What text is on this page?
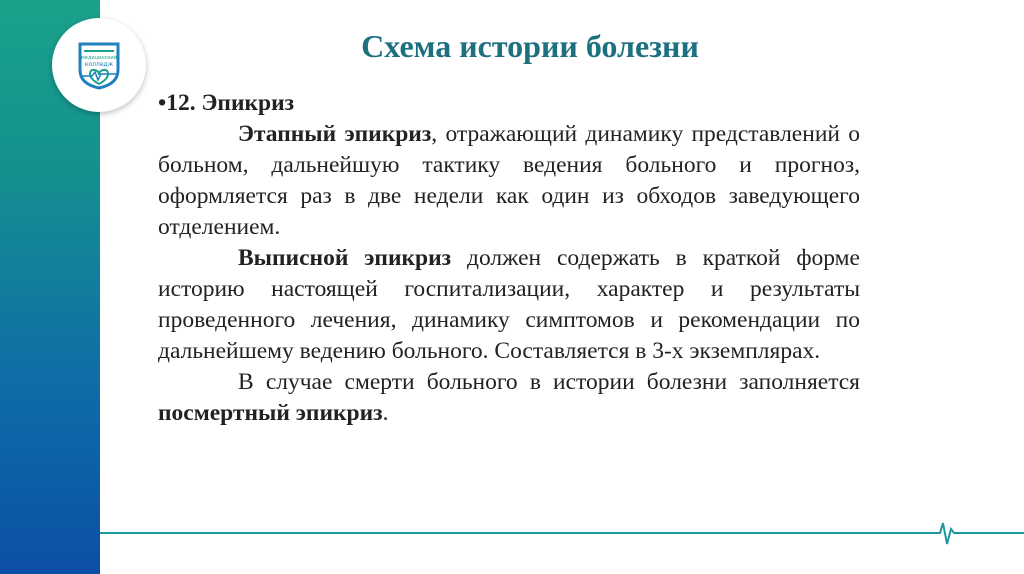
медицинский
колледж
Схема истории болезни
•12. Эпикриз

Этапный эпикриз, отражающий динамику представлений о больном, дальнейшую тактику ведения больного и прогноз, оформляется раз в две недели как один из обходов заведующего отделением.

Выписной эпикриз должен содержать в краткой форме историю настоящей госпитализации, характер и результаты проведенного лечения, динамику симптомов и рекомендации по дальнейшему ведению больного. Составляется в 3-х экземплярах.

В случае смерти больного в истории болезни заполняется посмертный эпикриз.
